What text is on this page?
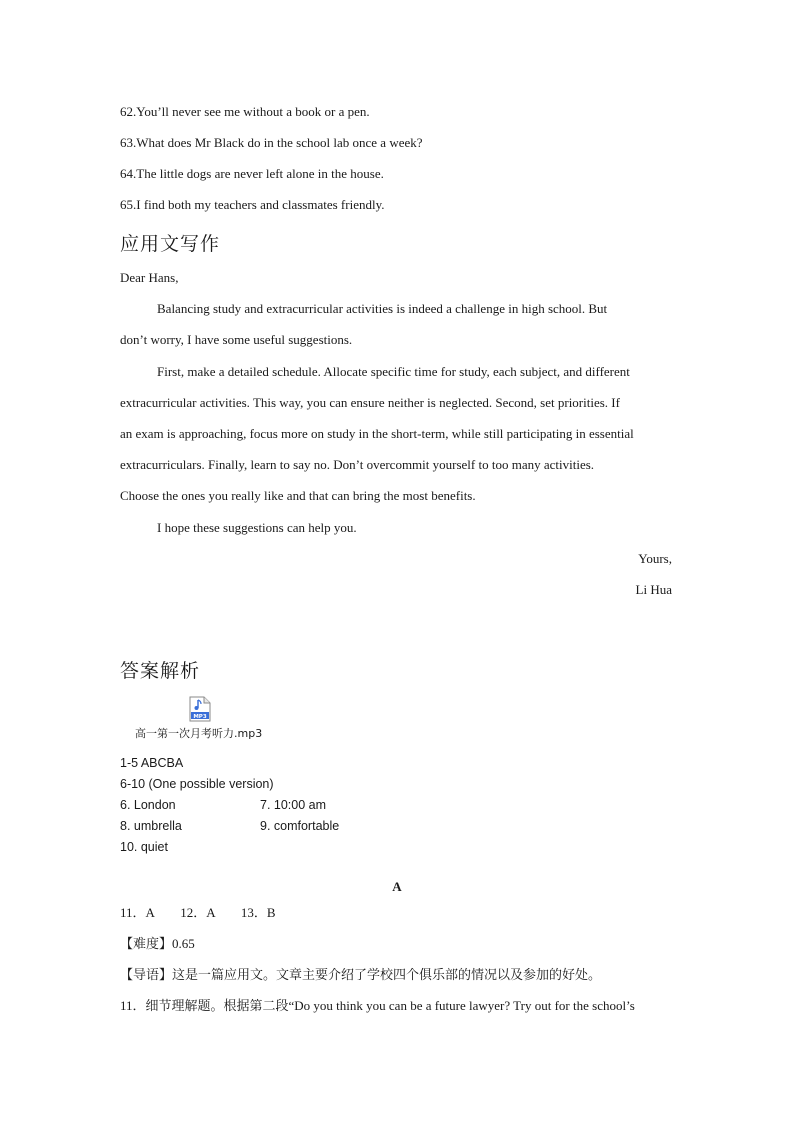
62.You’ll never see me without a book or a pen.
63.What does Mr Black do in the school lab once a week?
64.The little dogs are never left alone in the house.
65.I find both my teachers and classmates friendly.
应用文写作
Dear Hans,
Balancing study and extracurricular activities is indeed a challenge in high school. But
don’t worry, I have some useful suggestions.
First, make a detailed schedule. Allocate specific time for study, each subject, and different
extracurricular activities. This way, you can ensure neither is neglected. Second, set priorities. If
an exam is approaching, focus more on study in the short-term, while still participating in essential
extracurriculars. Finally, learn to say no. Don’t overcommit yourself to too many activities.
Choose the ones you really like and that can bring the most benefits.
I hope these suggestions can help you.
Yours,
Li Hua
答案解析
MP3
高一第一次月考听力.mp3
1-5 ABCBA
6-10 (One possible version)
6. London	7. 10:00 am
8. umbrella	9. comfortable
10. quiet
A
11．A　　12．A　　13．B
【难度】0.65
【导语】这是一篇应用文。文章主要介绍了学校四个俱乐部的情况以及参加的好处。
11．细节理解题。根据第二段“Do you think you can be a future lawyer? Try out for the school’s
